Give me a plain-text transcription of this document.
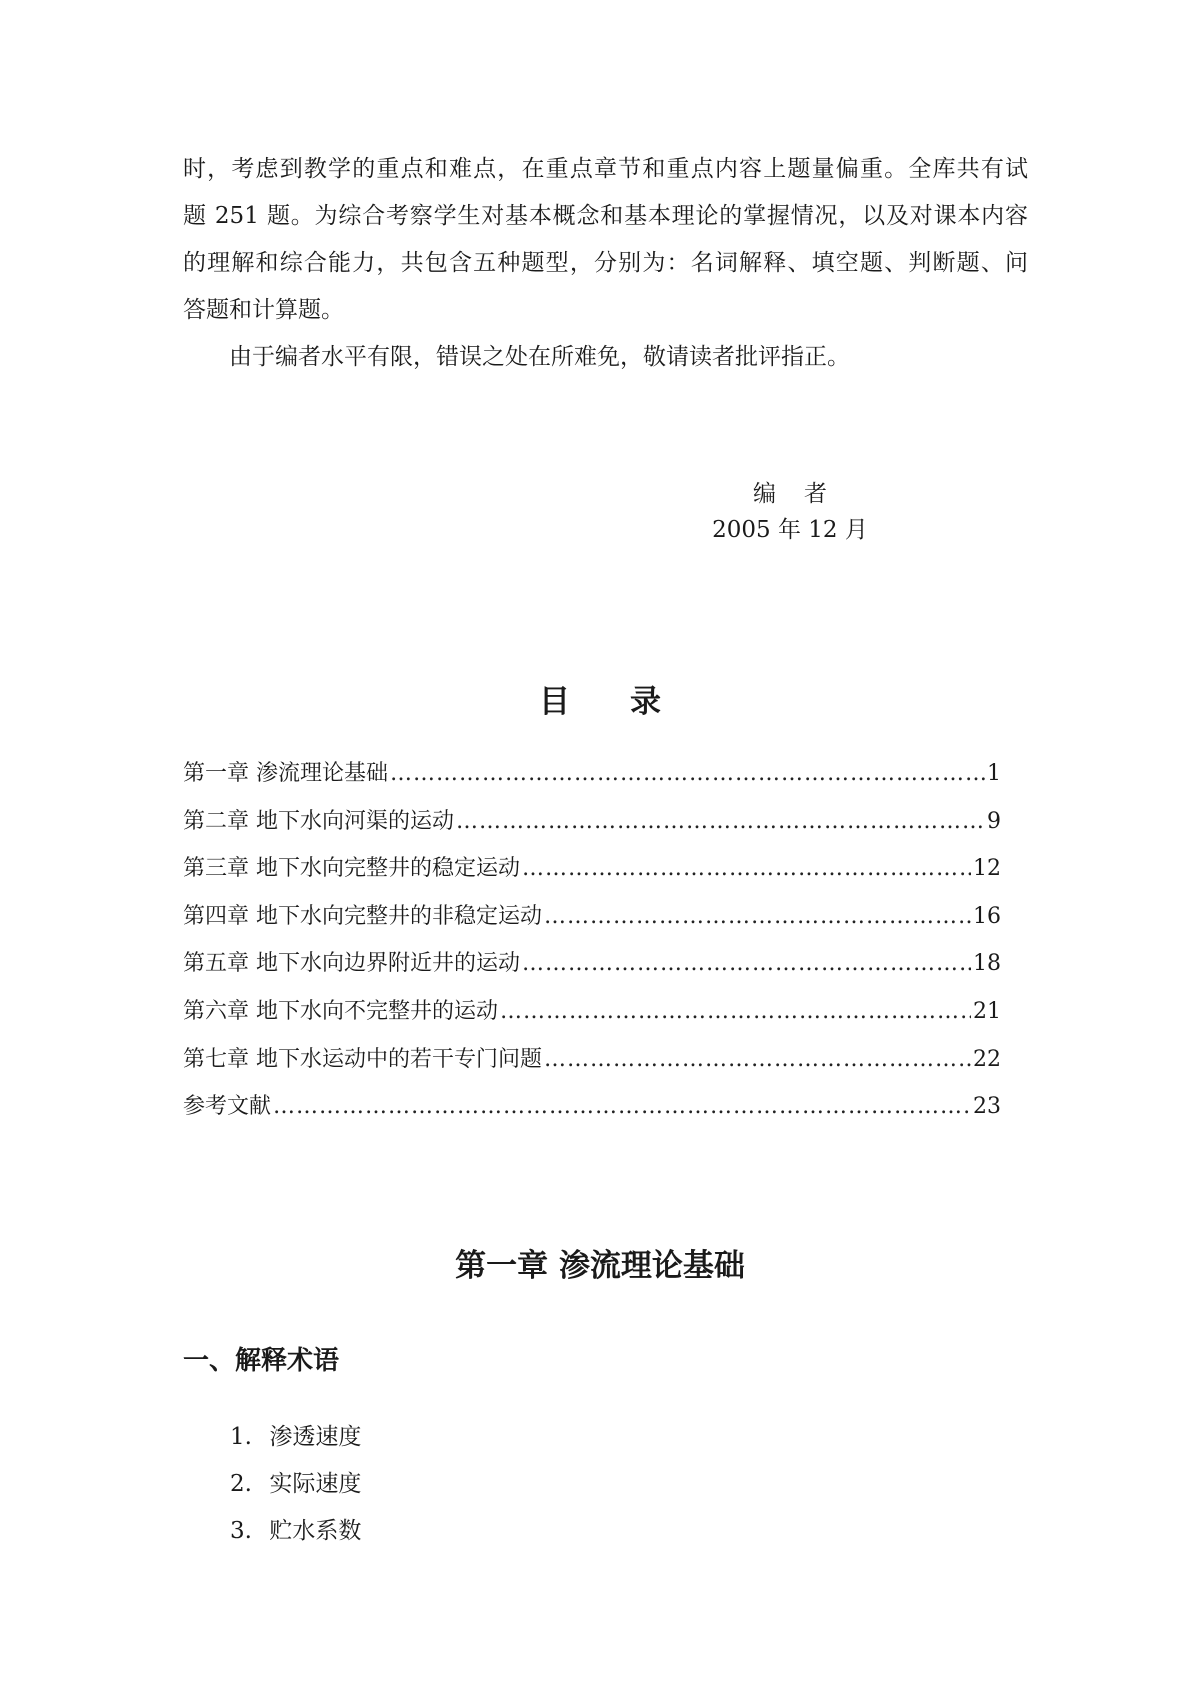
时，考虑到教学的重点和难点，在重点章节和重点内容上题量偏重。全库共有试
题 251 题。为综合考察学生对基本概念和基本理论的掌握情况，以及对课本内容
的理解和综合能力，共包含五种题型，分别为：名词解释、填空题、判断题、问
答题和计算题。
由于编者水平有限，错误之处在所难免，敬请读者批评指正。
编者
2005 年 12 月
目录
第一章 渗流理论基础 ……………………………………………………………………………………………………………………………………………………………………	1
第二章 地下水向河渠的运动 ……………………………………………………………………………………………………………………………………………………………………	9
第三章 地下水向完整井的稳定运动 ……………………………………………………………………………………………………………………………………………………………………	12
第四章 地下水向完整井的非稳定运动 ……………………………………………………………………………………………………………………………………………………………………	16
第五章 地下水向边界附近井的运动 ……………………………………………………………………………………………………………………………………………………………………	18
第六章 地下水向不完整井的运动 ……………………………………………………………………………………………………………………………………………………………………	21
第七章 地下水运动中的若干专门问题 ……………………………………………………………………………………………………………………………………………………………………	22
参考文献 ……………………………………………………………………………………………………………………………………………………………………	23
第一章 渗流理论基础
一、解释术语
1. 渗透速度
2. 实际速度
3. 贮水系数
